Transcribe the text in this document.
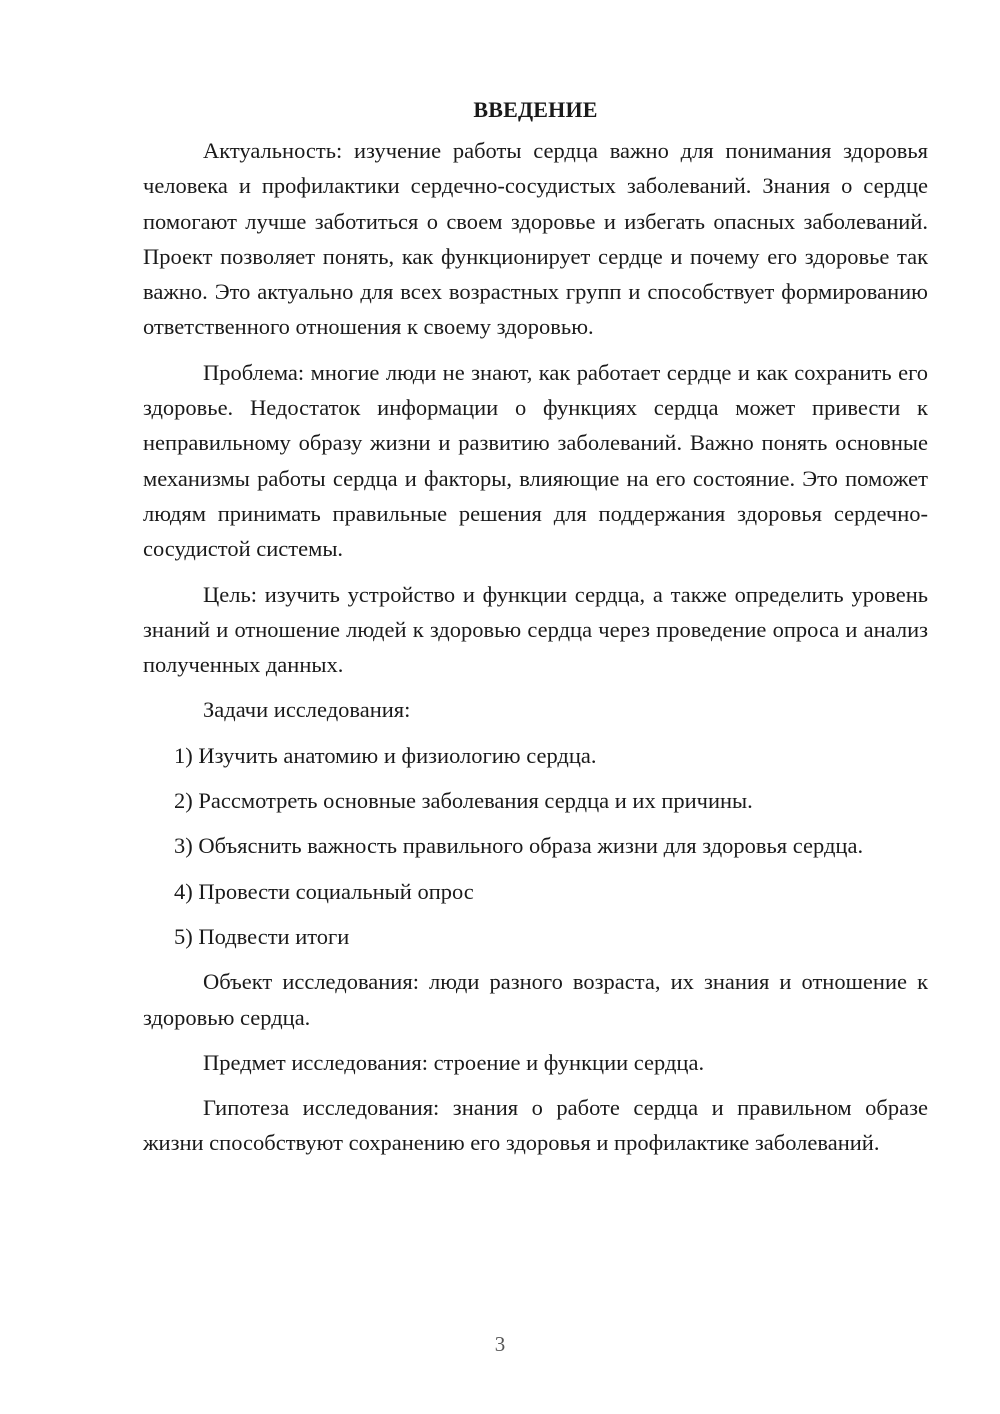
ВВЕДЕНИЕ

Актуальность: изучение работы сердца важно для понимания здоровья человека и профилактики сердечно-сосудистых заболеваний. Знания о сердце помогают лучше заботиться о своем здоровье и избегать опасных заболеваний. Проект позволяет понять, как функционирует сердце и почему его здоровье так важно. Это актуально для всех возрастных групп и способствует формированию ответственного отношения к своему здоровью.

Проблема: многие люди не знают, как работает сердце и как сохранить его здоровье. Недостаток информации о функциях сердца может привести к неправильному образу жизни и развитию заболеваний. Важно понять основные механизмы работы сердца и факторы, влияющие на его состояние. Это поможет людям принимать правильные решения для поддержания здоровья сердечно-сосудистой системы.

Цель: изучить устройство и функции сердца, а также определить уровень знаний и отношение людей к здоровью сердца через проведение опроса и анализ полученных данных.

Задачи исследования:

1) Изучить анатомию и физиологию сердца.

2) Рассмотреть основные заболевания сердца и их причины.

3) Объяснить важность правильного образа жизни для здоровья сердца.

4) Провести социальный опрос

5) Подвести итоги

Объект исследования: люди разного возраста, их знания и отношение к здоровью сердца.

Предмет исследования: строение и функции сердца.

Гипотеза исследования: знания о работе сердца и правильном образе жизни способствуют сохранению его здоровья и профилактике заболеваний.

3
